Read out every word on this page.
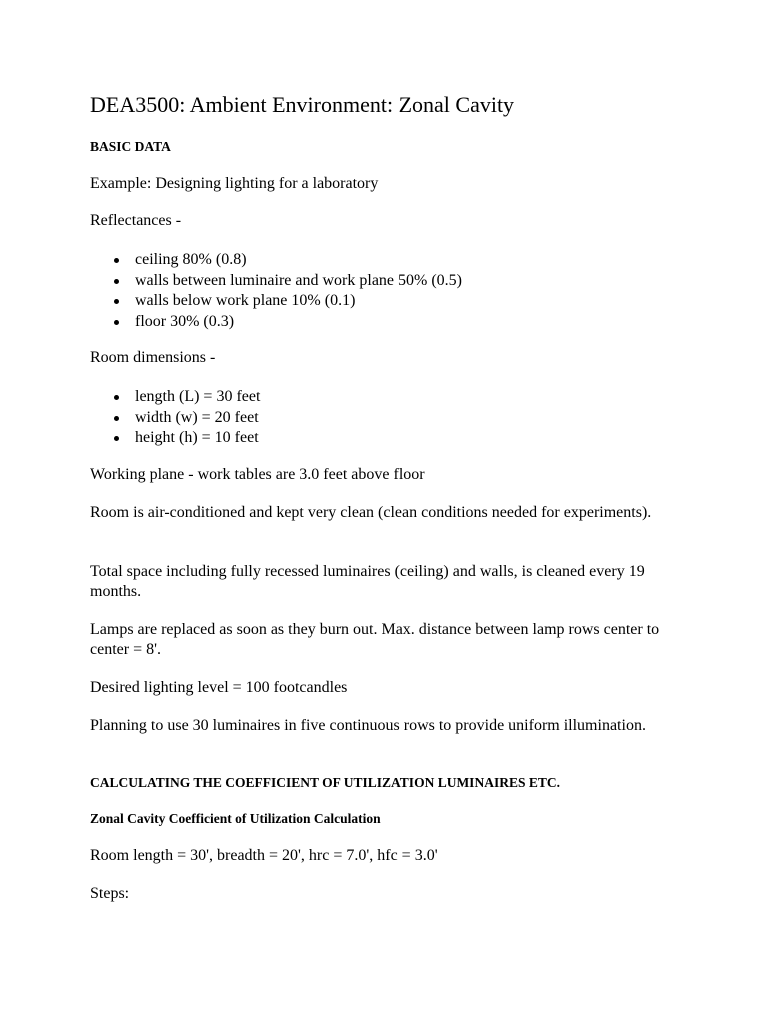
DEA3500: Ambient Environment: Zonal Cavity

BASIC DATA

Example: Designing lighting for a laboratory

Reflectances -

ceiling 80% (0.8)
walls between luminaire and work plane 50% (0.5)
walls below work plane 10% (0.1)
floor 30% (0.3)

Room dimensions -

length (L) = 30 feet
width (w) = 20 feet
height (h) = 10 feet

Working plane - work tables are 3.0 feet above floor

Room is air-conditioned and kept very clean (clean conditions needed for experiments).

Total space including fully recessed luminaires (ceiling) and walls, is cleaned every 19 months.

Lamps are replaced as soon as they burn out. Max. distance between lamp rows center to center = 8'.

Desired lighting level = 100 footcandles

Planning to use 30 luminaires in five continuous rows to provide uniform illumination.

CALCULATING THE COEFFICIENT OF UTILIZATION LUMINAIRES ETC.

Zonal Cavity Coefficient of Utilization Calculation

Room length = 30', breadth = 20', hrc = 7.0', hfc = 3.0'

Steps:
